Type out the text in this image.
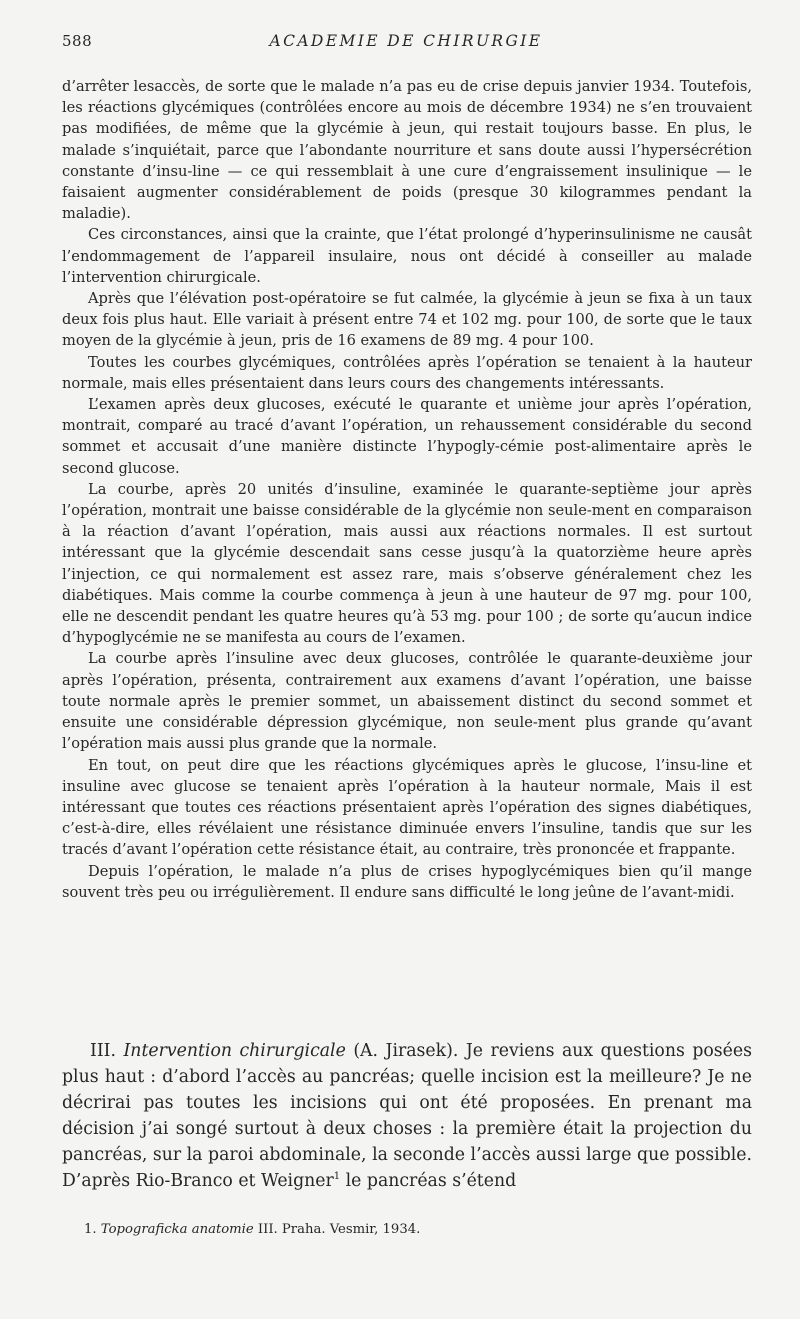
588	ACADEMIE DE CHIRURGIE

d’arrêter lesaccès, de sorte que le malade n’a pas eu de crise depuis janvier 1934. Toutefois, les réactions glycémiques (contrôlées encore au mois de décembre 1934) ne s’en trouvaient pas modifiées, de même que la glycémie à jeun, qui restait toujours basse. En plus, le malade s’inquiétait, parce que l’abondante nourriture et sans doute aussi l’hypersécrétion constante d’insu-line — ce qui ressemblait à une cure d’engraissement insulinique — le faisaient augmenter considérablement de poids (presque 30 kilogrammes pendant la maladie).

Ces circonstances, ainsi que la crainte, que l’état prolongé d’hyperinsulinisme ne causât l’endommagement de l’appareil insulaire, nous ont décidé à conseiller au malade l’intervention chirurgicale.

Après que l’élévation post-opératoire se fut calmée, la glycémie à jeun se fixa à un taux deux fois plus haut. Elle variait à présent entre 74 et 102 mg. pour 100, de sorte que le taux moyen de la glycémie à jeun, pris de 16 examens de 89 mg. 4 pour 100.

Toutes les courbes glycémiques, contrôlées après l’opération se tenaient à la hauteur normale, mais elles présentaient dans leurs cours des changements intéressants.

L’examen après deux glucoses, exécuté le quarante et unième jour après l’opération, montrait, comparé au tracé d’avant l’opération, un rehaussement considérable du second sommet et accusait d’une manière distincte l’hypogly-cémie post-alimentaire après le second glucose.

La courbe, après 20 unités d’insuline, examinée le quarante-septième jour après l’opération, montrait une baisse considérable de la glycémie non seule-ment en comparaison à la réaction d’avant l’opération, mais aussi aux réactions normales. Il est surtout intéressant que la glycémie descendait sans cesse jusqu’à la quatorzième heure après l’injection, ce qui normalement est assez rare, mais s’observe généralement chez les diabétiques. Mais comme la courbe commença à jeun à une hauteur de 97 mg. pour 100, elle ne descendit pendant les quatre heures qu’à 53 mg. pour 100 ; de sorte qu’aucun indice d’hypoglycémie ne se manifesta au cours de l’examen.

La courbe après l’insuline avec deux glucoses, contrôlée le quarante-deuxième jour après l’opération, présenta, contrairement aux examens d’avant l’opération, une baisse toute normale après le premier sommet, un abaissement distinct du second sommet et ensuite une considérable dépression glycémique, non seule-ment plus grande qu’avant l’opération mais aussi plus grande que la normale.

En tout, on peut dire que les réactions glycémiques après le glucose, l’insu-line et insuline avec glucose se tenaient après l’opération à la hauteur normale, Mais il est intéressant que toutes ces réactions présentaient après l’opération des signes diabétiques, c’est-à-dire, elles révélaient une résistance diminuée envers l’insuline, tandis que sur les tracés d’avant l’opération cette résistance était, au contraire, très prononcée et frappante.

Depuis l’opération, le malade n’a plus de crises hypoglycémiques bien qu’il mange souvent très peu ou irrégulièrement. Il endure sans difficulté le long jeûne de l’avant-midi.

III. Intervention chirurgicale (A. Jirasek). Je reviens aux questions posées plus haut : d’abord l’accès au pancréas; quelle incision est la meilleure? Je ne décrirai pas toutes les incisions qui ont été proposées. En prenant ma décision j’ai songé surtout à deux choses : la première était la projection du pancréas, sur la paroi abdominale, la seconde l’accès aussi large que possible. D’après Rio-Branco et Weigner$^1$ le pancréas s’étend

1. Topograficka anatomie III. Praha. Vesmir, 1934.
